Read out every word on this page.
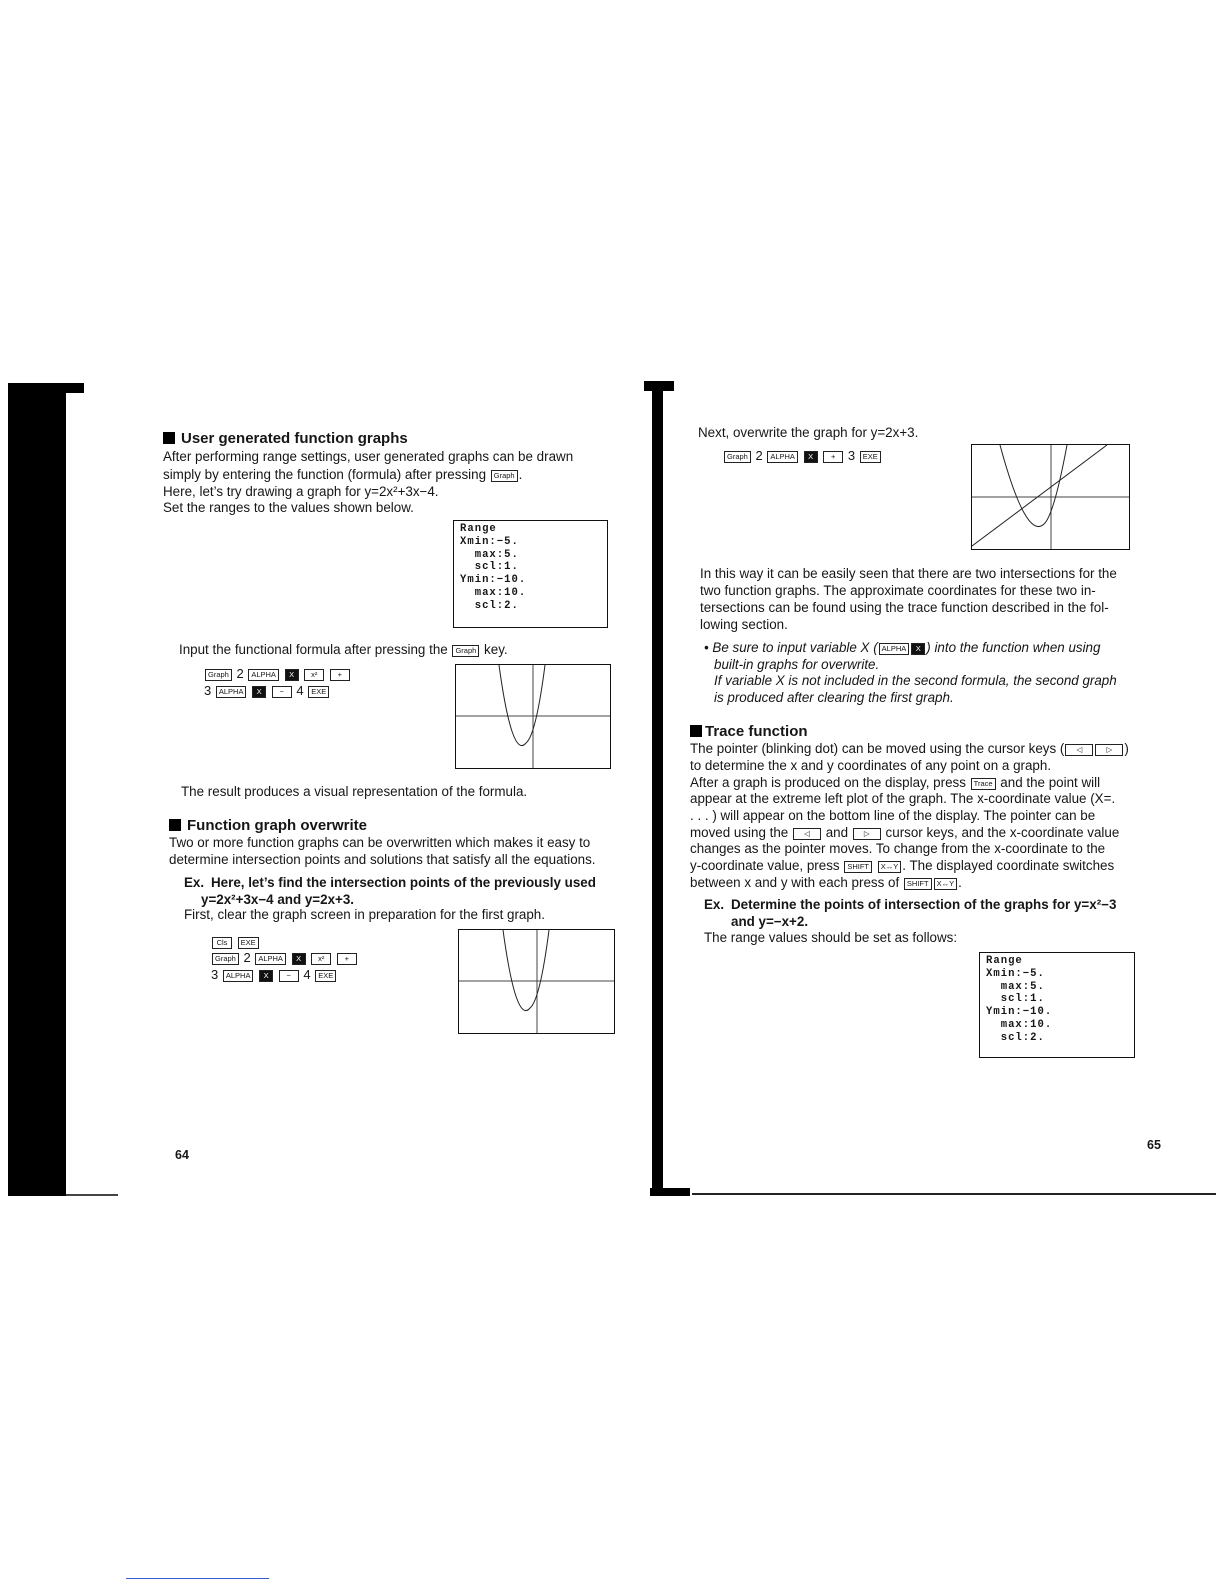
User generated function graphs
After performing range settings, user generated graphs can be drawn
simply by entering the function (formula) after pressing Graph .
Here, let’s try drawing a graph for y=2x²+3x−4.
Set the ranges to the values shown below.
Range
Xmin:−5.
max:5.
scl:1.
Ymin:−10.
max:10.
scl:2.
Input the functional formula after pressing the Graph key.
Graph 2 ALPHA X x²	+
3 ALPHA X − 4 EXE
The result produces a visual representation of the formula.
Function graph overwrite
Two or more function graphs can be overwritten which makes it easy to
determine intersection points and solutions that satisfy all the equations.
Ex. Here, let’s find the intersection points of the previously used
y=2x²+3x−4 and y=2x+3.
First, clear the graph screen in preparation for the first graph.
Cls EXE
Graph 2 ALPHA X x²	+
3 ALPHA X − 4 EXE
64
Next, overwrite the graph for y=2x+3.
Graph 2 ALPHA X + 3 EXE
In this way it can be easily seen that there are two intersections for the
two function graphs. The approximate coordinates for these two in-
tersections can be found using the trace function described in the fol-
lowing section.
• Be sure to input variable X ( ALPHA X ) into the function when using
built-in graphs for overwrite.
If variable X is not included in the second formula, the second graph
is produced after clearing the first graph.
Trace function
The pointer (blinking dot) can be moved using the cursor keys ( ◁	▷ )
to determine the x and y coordinates of any point on a graph.
After a graph is produced on the display, press Trace and the point will
appear at the extreme left plot of the graph. The x-coordinate value (X=.
. . . ) will appear on the bottom line of the display. The pointer can be
moved using the ◁ and ▷ cursor keys, and the x-coordinate value
changes as the pointer moves. To change from the x-coordinate to the
y-coordinate value, press SHIFT X↔Y . The displayed coordinate switches
between x and y with each press of SHIFT X↔Y .
Ex. Determine the points of intersection of the graphs for y=x²−3
and y=−x+2.
The range values should be set as follows:
Range
Xmin:−5.
max:5.
scl:1.
Ymin:−10.
max:10.
scl:2.
65
